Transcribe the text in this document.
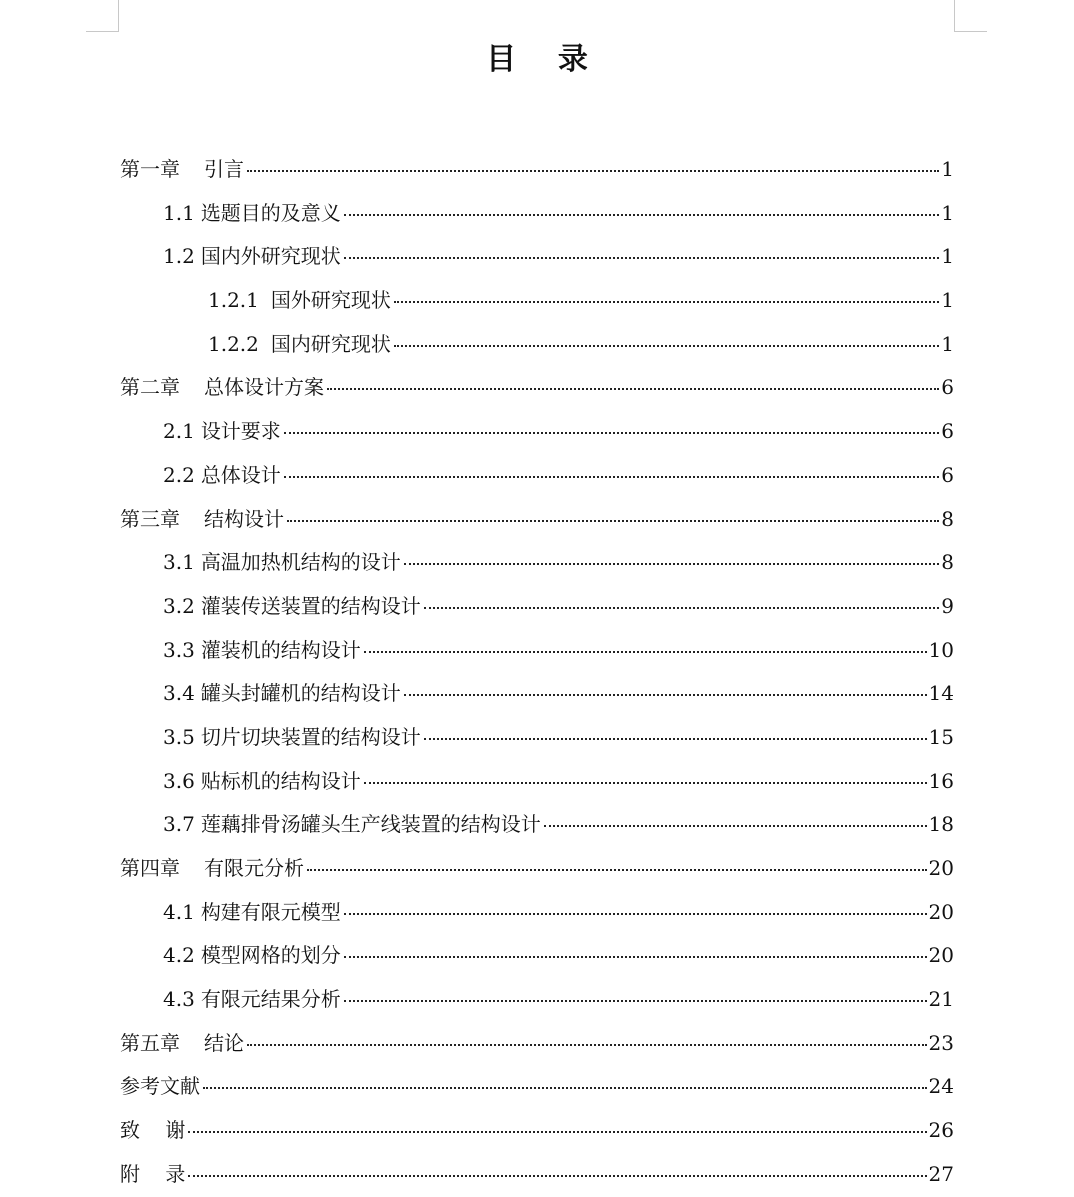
目    录
第一章 引言	1
1.1 选题目的及意义	1
1.2 国内外研究现状	1
1.2.1 国外研究现状	1
1.2.2 国内研究现状	1
第二章 总体设计方案	6
2.1 设计要求	6
2.2 总体设计	6
第三章 结构设计	8
3.1 高温加热机结构的设计	8
3.2 灌装传送装置的结构设计	9
3.3 灌装机的结构设计	10
3.4 罐头封罐机的结构设计	14
3.5 切片切块装置的结构设计	15
3.6 贴标机的结构设计	16
3.7 莲藕排骨汤罐头生产线装置的结构设计	18
第四章 有限元分析	20
4.1 构建有限元模型	20
4.2 模型网格的划分	20
4.3 有限元结果分析	21
第五章 结论	23
参考文献	24
致    谢	26
附    录	27
